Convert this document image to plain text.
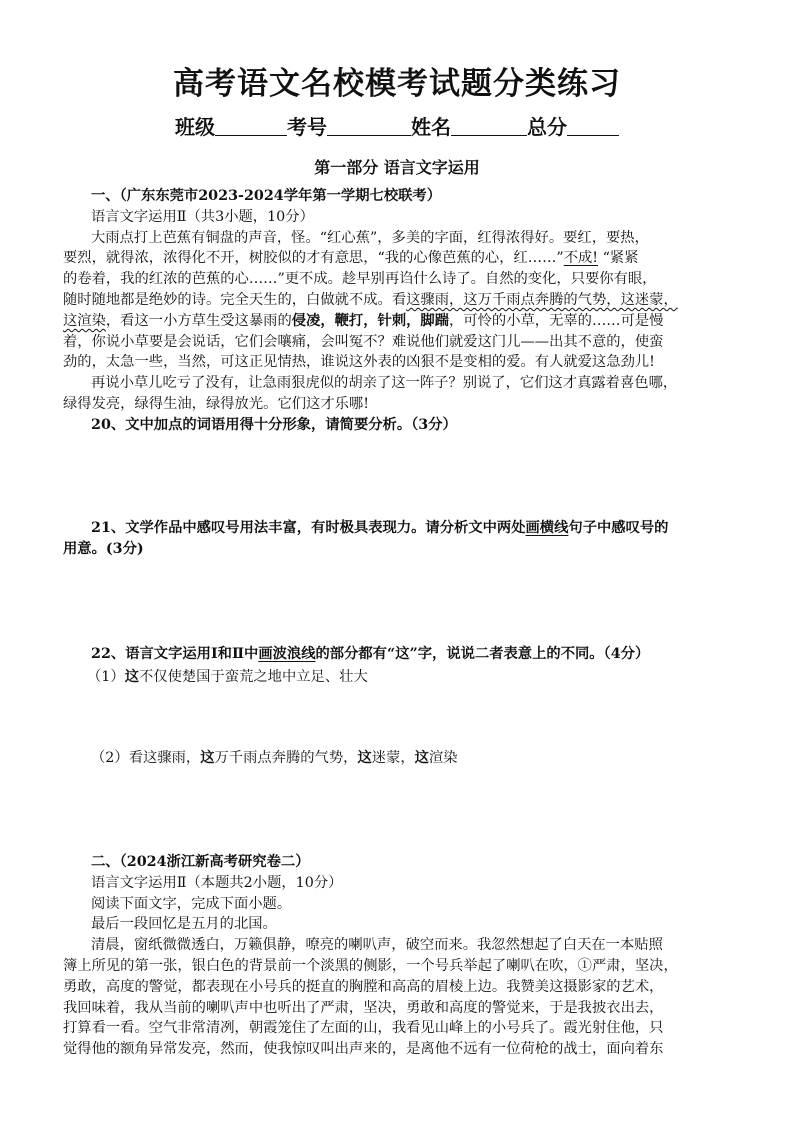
高考语文名校模考试题分类练习
班级	考号	姓名	总分
第一部分 语言文字运用
一、（广东东莞市2023-2024学年第一学期七校联考）
语言文字运用Ⅱ（共3小题，10分）
大雨点打上芭蕉有铜盘的声音，怪。“红心蕉”，多美的字面，红得浓得好。要红，要热，
要烈，就得浓，浓得化不开，树胶似的才有意思，“我的心像芭蕉的心，红……”不成! “紧紧
的卷着，我的红浓的芭蕉的心……”更不成。趁早别再诌什么诗了。自然的变化，只要你有眼，
随时随地都是绝妙的诗。完全天生的，白做就不成。看这骤雨，这万千雨点奔腾的气势，这迷蒙，
这渲染，看这一小方草生受这暴雨的侵凌，鞭打，针刺，脚踹，可怜的小草，无辜的……可是慢
着，你说小草要是会说话，它们会嚷痛，会叫冤不？难说他们就爱这门儿——出其不意的，使蛮
劲的，太急一些，当然，可这正见情热，谁说这外表的凶狠不是变相的爱。有人就爱这急劲儿!
再说小草儿吃亏了没有，让急雨狠虎似的胡亲了这一阵子？别说了，它们这才真露着喜色哪，
绿得发亮，绿得生油，绿得放光。它们这才乐哪!
20、文中加点的词语用得十分形象，请简要分析。（3分）
21、文学作品中感叹号用法丰富，有时极具表现力。请分析文中两处画横线句子中感叹号的
用意。(3分)
22、语言文字运用Ⅰ和Ⅱ中画波浪线的部分都有“这”字，说说二者表意上的不同。（4分）
（1）这不仅使楚国于蛮荒之地中立足、壮大
（2）看这骤雨，这万千雨点奔腾的气势，这迷蒙，这渲染
二、（2024浙江新高考研究卷二）
语言文字运用Ⅱ（本题共2小题，10分）
阅读下面文字，完成下面小题。
最后一段回忆是五月的北国。
清晨，窗纸微微透白，万籁俱静，嘹亮的喇叭声，破空而来。我忽然想起了白天在一本贴照
簿上所见的第一张，银白色的背景前一个淡黑的侧影，一个号兵举起了喇叭在吹，①严肃，坚决，
勇敢，高度的警觉，都表现在小号兵的挺直的胸膛和高高的眉棱上边。我赞美这摄影家的艺术，
我回味着，我从当前的喇叭声中也听出了严肃，坚决，勇敢和高度的警觉来，于是我披衣出去，
打算看一看。空气非常清冽，朝霞笼住了左面的山，我看见山峰上的小号兵了。霞光射住他，只
觉得他的额角异常发亮，然而，使我惊叹叫出声来的，是离他不远有一位荷枪的战士，面向着东
